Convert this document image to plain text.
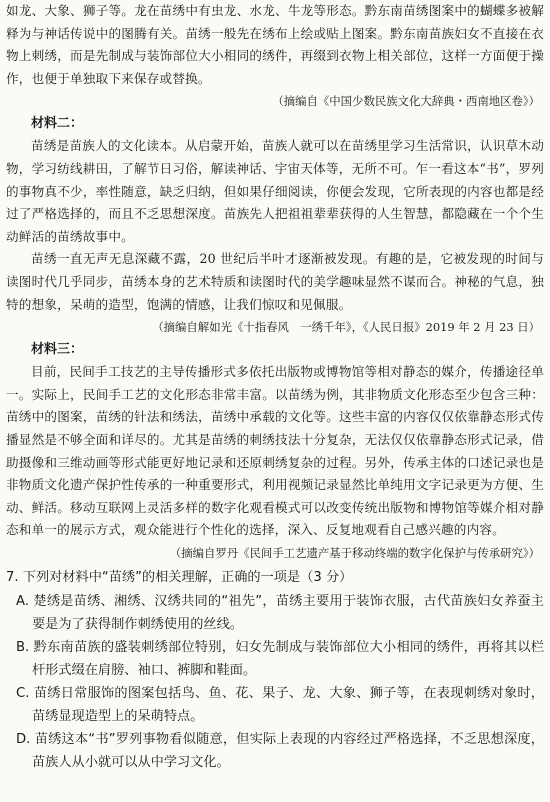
如龙、大象、狮子等。龙在苗绣中有虫龙、水龙、牛龙等形态。黔东南苗绣图案中的蝴蝶多被解释为与神话传说中的图腾有关。苗绣一般先在绣布上绘或贴上图案。黔东南苗族妇女不直接在衣物上刺绣，而是先制成与装饰部位大小相同的绣件，再缀到衣物上相关部位，这样一方面便于操作，也便于单独取下来保存或替换。

（摘编自《中国少数民族文化大辞典・西南地区卷》）

材料二：

苗绣是苗族人的文化读本。从启蒙开始，苗族人就可以在苗绣里学习生活常识，认识草木动物，学习纺线耕田，了解节日习俗，解读神话、宇宙天体等，无所不可。乍一看这本“书”，罗列的事物真不少，率性随意，缺乏归纳，但如果仔细阅读，你便会发现，它所表现的内容也都是经过了严格选择的，而且不乏思想深度。苗族先人把祖祖辈辈获得的人生智慧，都隐藏在一个个生动鲜活的苗绣故事中。

苗绣一直无声无息深藏不露，20 世纪后半叶才逐渐被发现。有趣的是，它被发现的时间与读图时代几乎同步，苗绣本身的艺术特质和读图时代的美学趣味显然不谋而合。神秘的气息，独特的想象，呆萌的造型，饱满的情感，让我们惊叹和见佩服。

（摘编自解如光《十指春风　一绣千年》，《人民日报》2019 年 2 月 23 日）

材料三：

目前，民间手工技艺的主导传播形式多依托出版物或博物馆等相对静态的媒介，传播途径单一。实际上，民间手工艺的文化形态非常丰富。以苗绣为例，其非物质文化形态至少包含三种：苗绣中的图案，苗绣的针法和绣法，苗绣中承载的文化等。这些丰富的内容仅仅依靠静态形式传播显然是不够全面和详尽的。尤其是苗绣的刺绣技法十分复杂，无法仅仅依靠静态形式记录，借助摄像和三维动画等形式能更好地记录和还原刺绣复杂的过程。另外，传承主体的口述记录也是非物质文化遗产保护性传承的一种重要形式，利用视频记录显然比单纯用文字记录更为方便、生动、鲜活。移动互联网上灵活多样的数字化观看模式可以改变传统出版物和博物馆等媒介相对静态和单一的展示方式，观众能进行个性化的选择，深入、反复地观看自己感兴趣的内容。

（摘编自罗丹《民间手工艺遗产基于移动终端的数字化保护与传承研究》）

7. 下列对材料中“苗绣”的相关理解，正确的一项是（3 分）

A. 楚绣是苗绣、湘绣、汉绣共同的“祖先”，苗绣主要用于装饰衣服，古代苗族妇女养蚕主要是为了获得制作刺绣使用的丝线。

B. 黔东南苗族的盛装刺绣部位特别，妇女先制成与装饰部位大小相同的绣件，再将其以栏杆形式缀在肩膀、袖口、裤脚和鞋面。

C. 苗绣日常服饰的图案包括鸟、鱼、花、果子、龙、大象、狮子等，在表现刺绣对象时，苗绣显现造型上的呆萌特点。

D. 苗绣这本“书”罗列事物看似随意，但实际上表现的内容经过严格选择，不乏思想深度，苗族人从小就可以从中学习文化。
